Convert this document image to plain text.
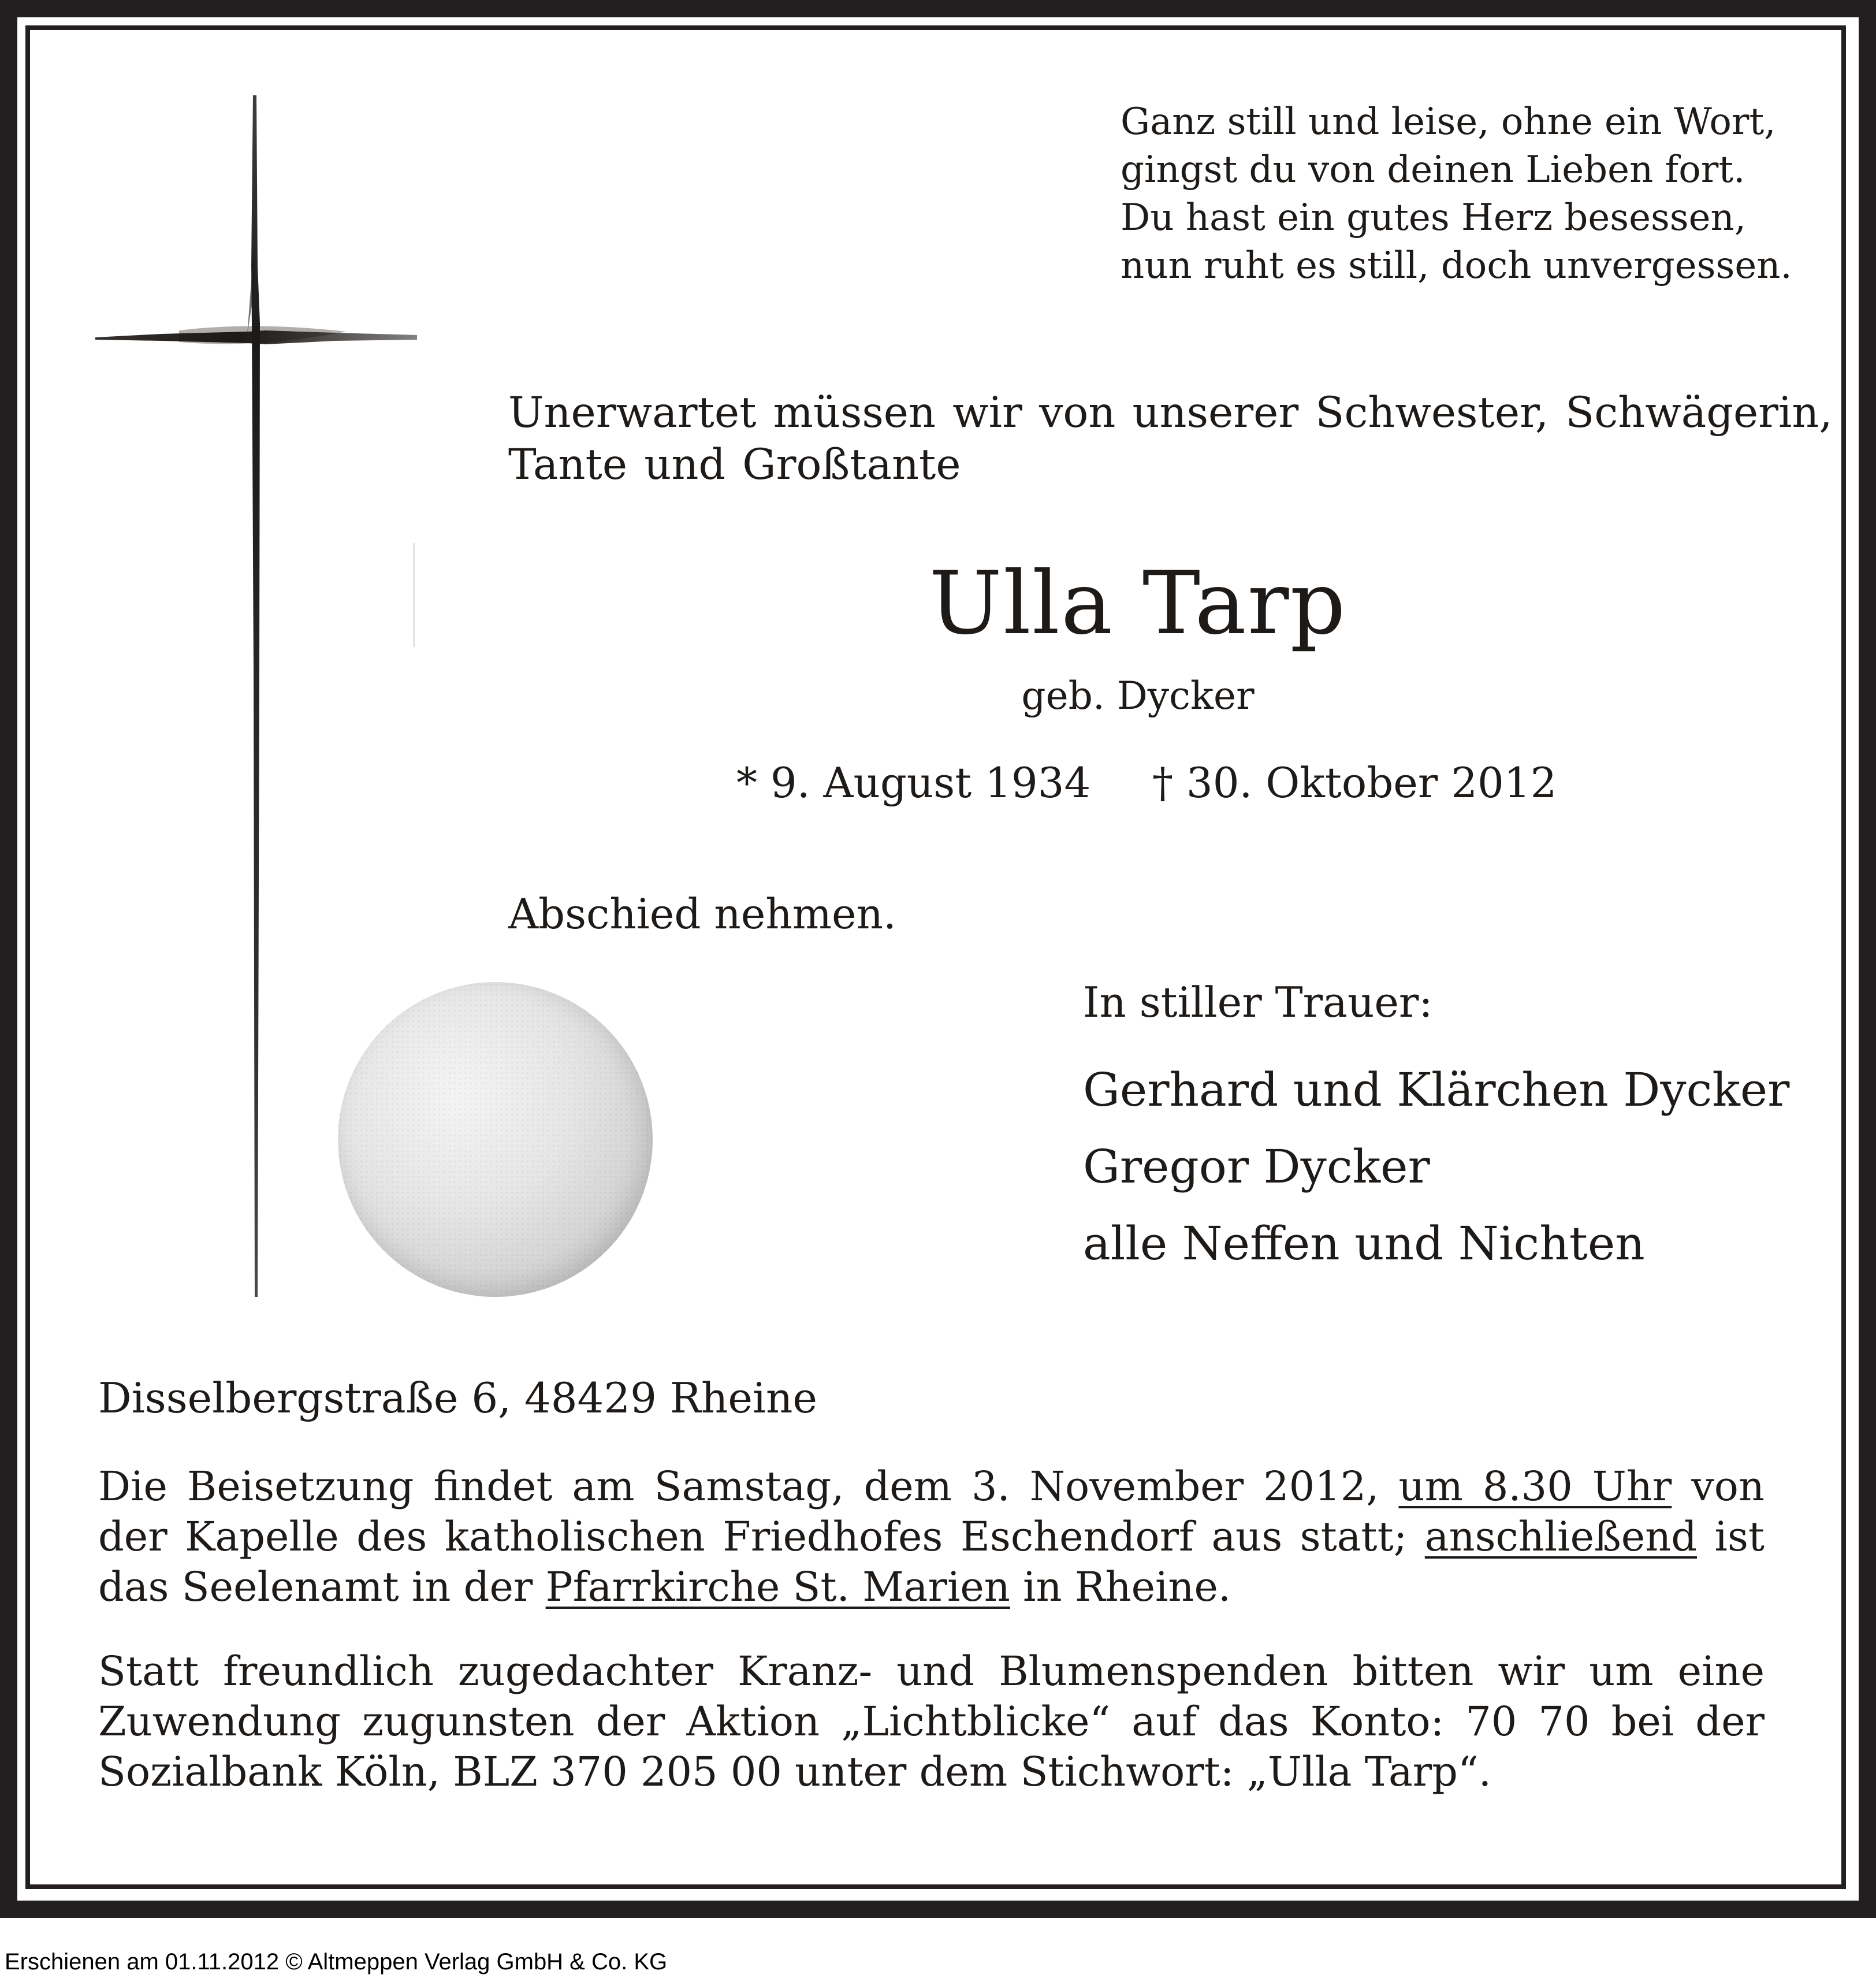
Ganz still und leise, ohne ein Wort,
gingst du von deinen Lieben fort.
Du hast ein gutes Herz besessen,
nun ruht es still, doch unvergessen.
Unerwartet müssen wir von unserer Schwester, Schwägerin,
Tante und Großtante
Ulla Tarp
geb. Dycker
* 9. August 1934 † 30. Oktober 2012
Abschied nehmen.
In stiller Trauer:
Gerhard und Klärchen Dycker
Gregor Dycker
alle Neffen und Nichten
Disselbergstraße 6, 48429 Rheine

Die Beisetzung findet am Samstag, dem 3. November 2012, um 8.30 Uhr von der Kapelle des katholischen Friedhofes Eschendorf aus statt; anschließend ist das Seelenamt in der Pfarrkirche St. Marien in Rheine.

Statt freundlich zugedachter Kranz- und Blumenspenden bitten wir um eine Zuwendung zugunsten der Aktion „Lichtblicke“ auf das Konto: 70 70 bei der Sozialbank Köln, BLZ 370 205 00 unter dem Stichwort: „Ulla Tarp“.

Erschienen am 01.11.2012 © Altmeppen Verlag GmbH & Co. KG
